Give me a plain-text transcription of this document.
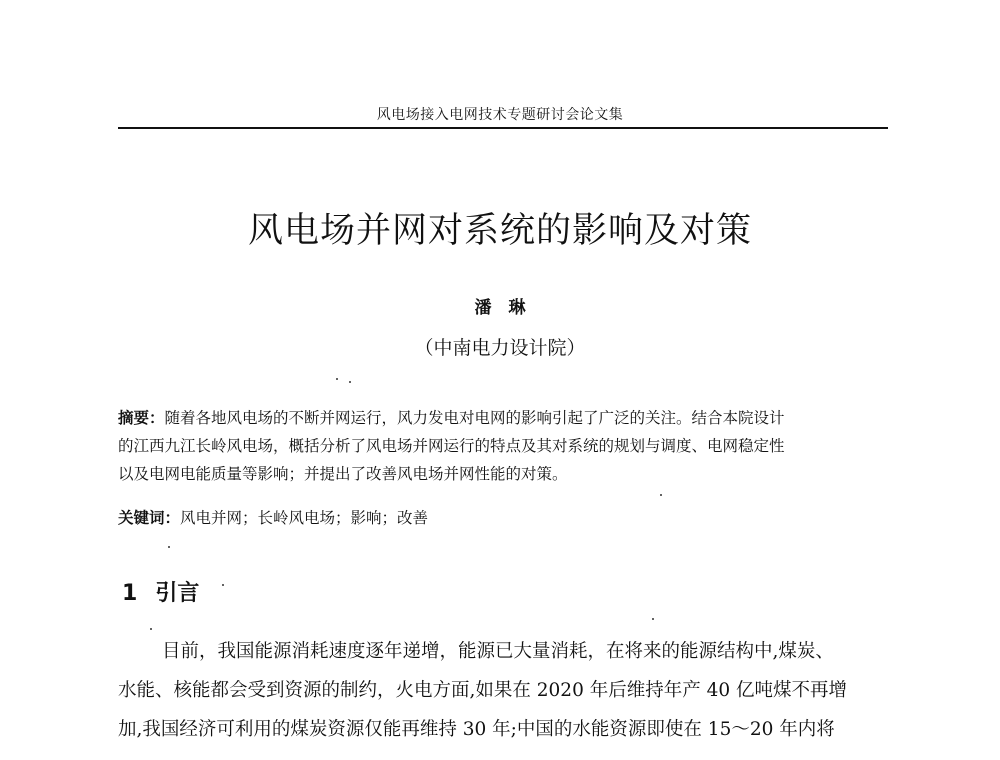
风电场接入电网技术专题研讨会论文集
风电场并网对系统的影响及对策
潘　琳
（中南电力设计院）

摘要：随着各地风电场的不断并网运行，风力发电对电网的影响引起了广泛的关注。结合本院设计
的江西九江长岭风电场，概括分析了风电场并网运行的特点及其对系统的规划与调度、电网稳定性
以及电网电能质量等影响；并提出了改善风电场并网性能的对策。

关键词：风电并网；长岭风电场；影响；改善

1 引言

目前，我国能源消耗速度逐年递增，能源已大量消耗，在将来的能源结构中,煤炭、
水能、核能都会受到资源的制约，火电方面,如果在 2020 年后维持年产 40 亿吨煤不再增
加,我国经济可利用的煤炭资源仅能再维持 30 年;中国的水能资源即使在 15～20 年内将
